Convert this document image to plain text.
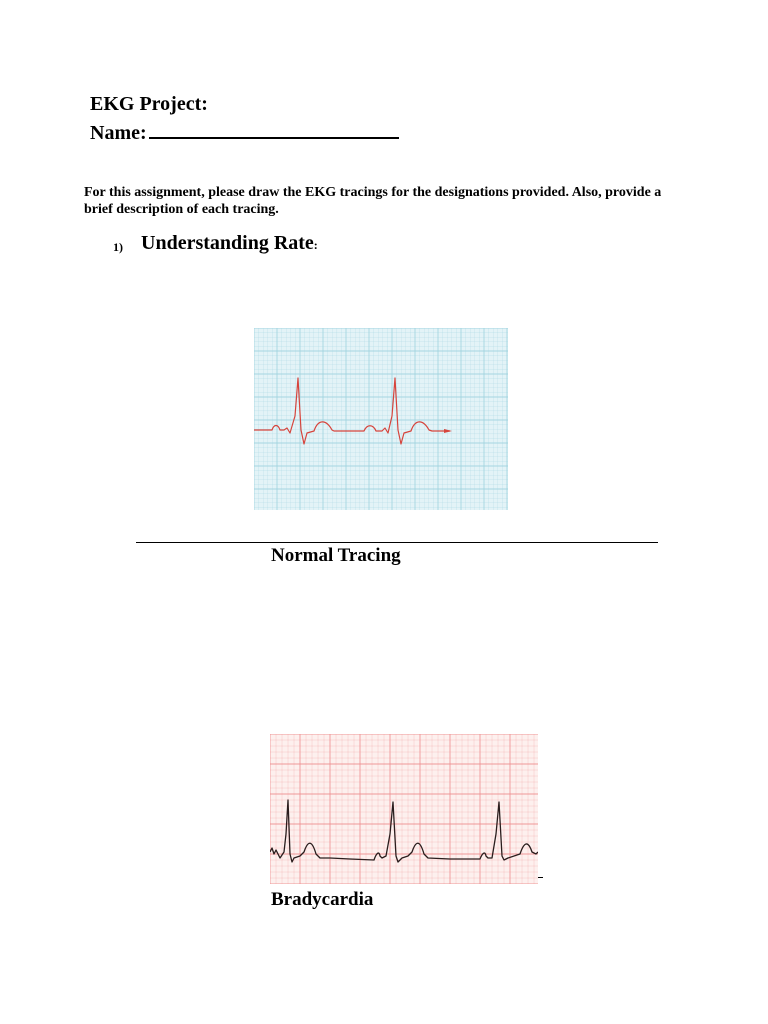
EKG Project:
Name:
For this assignment, please draw the EKG tracings for the designations provided. Also, provide a brief description of each tracing.
1) Understanding Rate:
Normal Tracing
Bradycardia
